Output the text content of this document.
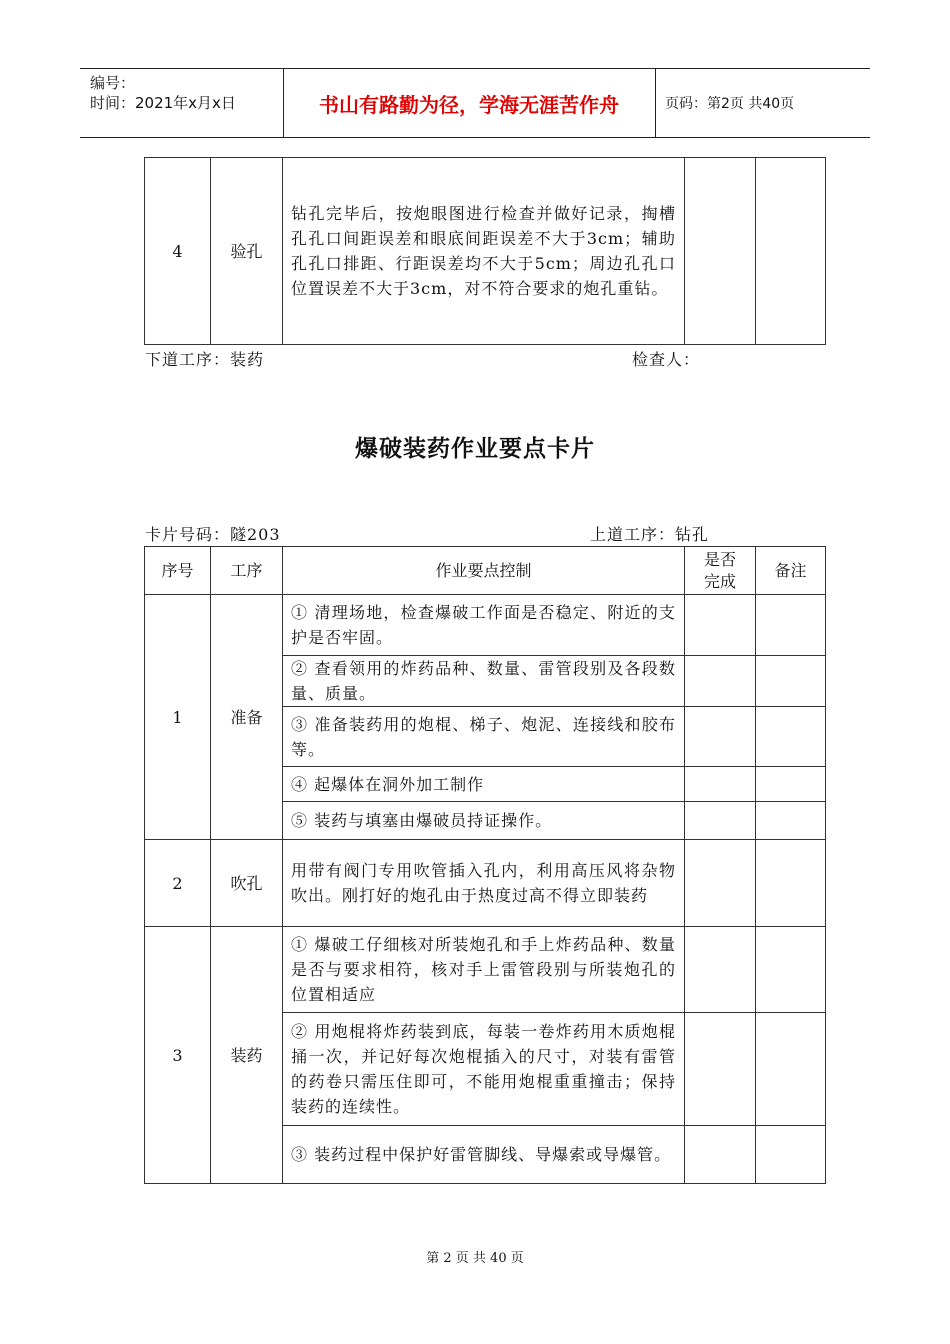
编号：
时间：2021年x月x日	书山有路勤为径，学海无涯苦作舟	页码：第2页 共40页
4	验孔	钻孔完毕后，按炮眼图进行检查并做好记录，掏槽孔孔口间距误差和眼底间距误差不大于3cm；辅助孔孔口排距、行距误差均不大于5cm；周边孔孔口位置误差不大于3cm，对不符合要求的炮孔重钻。		
下道工序：装药	检查人：
爆破装药作业要点卡片
卡片号码：隧203	上道工序：钻孔
序号	工序	作业要点控制	是否完成	备注
1	准备	① 清理场地，检查爆破工作面是否稳定、附近的支护是否牢固。		
		② 查看领用的炸药品种、数量、雷管段别及各段数量、质量。		
		③ 准备装药用的炮棍、梯子、炮泥、连接线和胶布等。		
		④ 起爆体在洞外加工制作		
		⑤ 装药与填塞由爆破员持证操作。		
2	吹孔	用带有阀门专用吹管插入孔内，利用高压风将杂物吹出。刚打好的炮孔由于热度过高不得立即装药		
3	装药	① 爆破工仔细核对所装炮孔和手上炸药品种、数量是否与要求相符，核对手上雷管段别与所装炮孔的位置相适应		
		② 用炮棍将炸药装到底，每装一卷炸药用木质炮棍捅一次，并记好每次炮棍插入的尺寸，对装有雷管的药卷只需压住即可，不能用炮棍重重撞击；保持装药的连续性。		
		③ 装药过程中保护好雷管脚线、导爆索或导爆管。		
第 2 页 共 40 页
